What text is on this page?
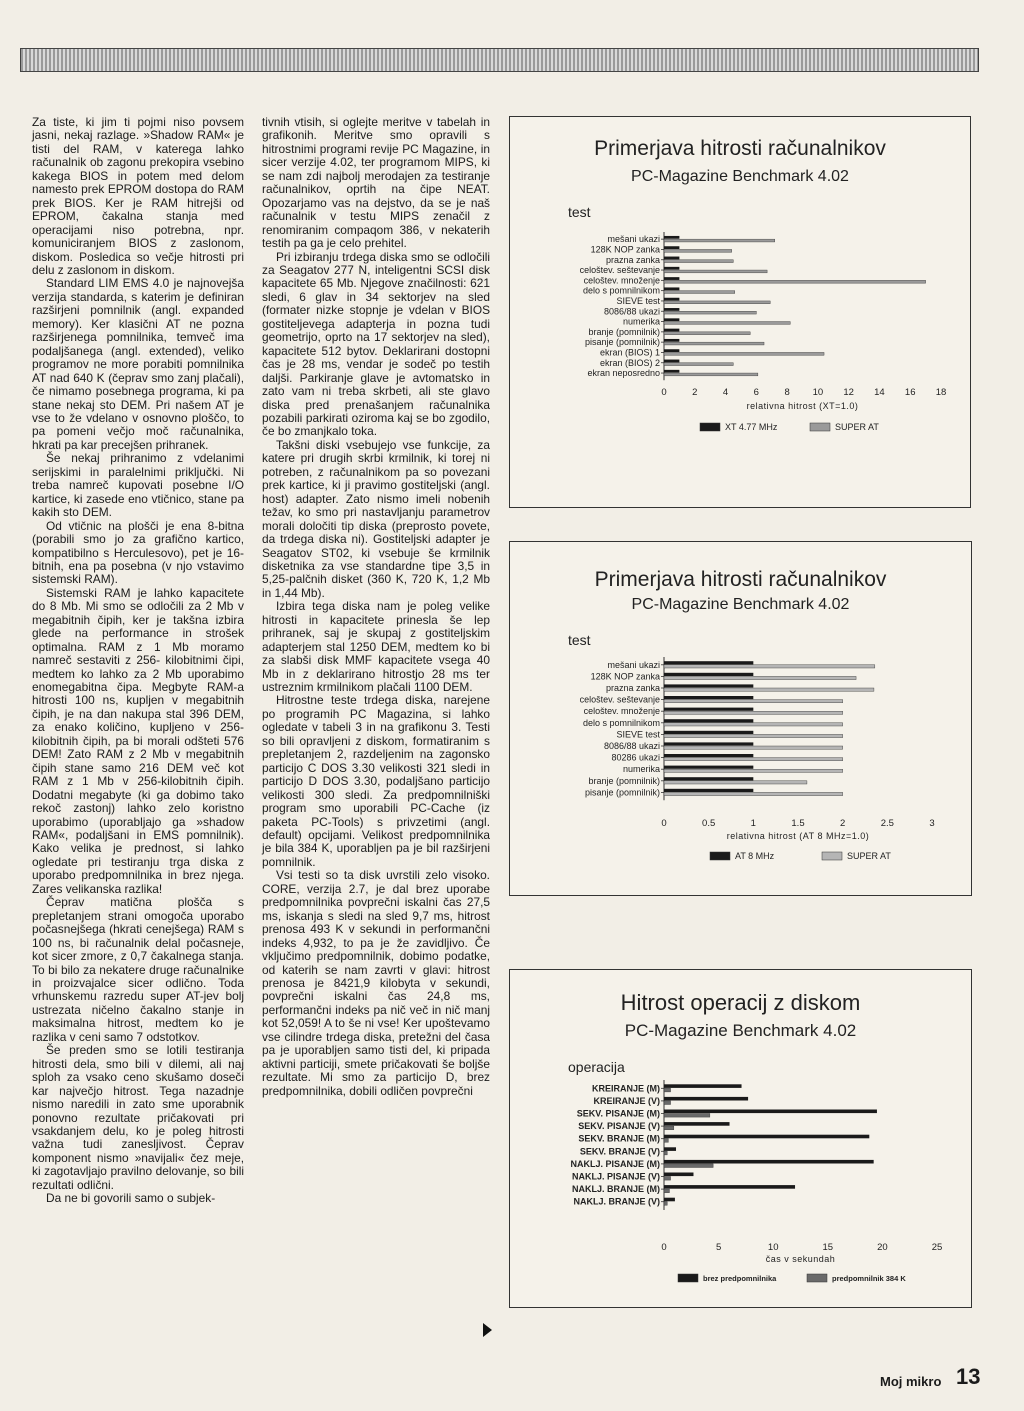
Za tiste, ki jim ti pojmi niso povsem jasni, nekaj razlage. »Shadow RAM« je tisti del RAM, v katerega lahko računalnik ob zagonu prekopira vsebino kakega BIOS in potem med delom namesto prek EPROM dostopa do RAM prek BIOS. Ker je RAM hitrejši od EPROM, čakalna stanja med operacijami niso potrebna, npr. komuniciranjem BIOS z zaslonom, diskom. Posledica so večje hitrosti pri delu z zaslonom in diskom.

Standard LIM EMS 4.0 je najnovejša verzija standarda, s katerim je definiran razširjeni pomnilnik (angl. expanded memory). Ker klasični AT ne pozna razširjenega pomnilnika, temveč ima podaljšanega (angl. extended), veliko programov ne more porabiti pomnilnika AT nad 640 K (čeprav smo zanj plačali), če nimamo posebnega programa, ki pa stane nekaj sto DEM. Pri našem AT je vse to že vdelano v osnovno ploščo, to pa pomeni večjo moč računalnika, hkrati pa kar precejšen prihranek.

Še nekaj prihranimo z vdelanimi serijskimi in paralelnimi priključki. Ni treba namreč kupovati posebne I/O kartice, ki zasede eno vtičnico, stane pa kakih sto DEM.

Od vtičnic na plošči je ena 8-bitna (porabili smo jo za grafično kartico, kompatibilno s Herculesovo), pet je 16-bitnih, ena pa posebna (v njo vstavimo sistemski RAM).

Sistemski RAM je lahko kapacitete do 8 Mb. Mi smo se odločili za 2 Mb v megabitnih čipih, ker je takšna izbira glede na performance in strošek optimalna. RAM z 1 Mb moramo namreč sestaviti z 256- kilobitnimi čipi, medtem ko lahko za 2 Mb uporabimo enomegabitna čipa. Megbyte RAM-a hitrosti 100 ns, kupljen v megabitnih čipih, je na dan nakupa stal 396 DEM, za enako količino, kupljeno v 256-kilobitnih čipih, pa bi morali odšteti 576 DEM! Zato RAM z 2 Mb v megabitnih čipih stane samo 216 DEM več kot RAM z 1 Mb v 256-kilobitnih čipih. Dodatni megabyte (ki ga dobimo tako rekoč zastonj) lahko zelo koristno uporabimo (uporabljajo ga »shadow RAM«, podaljšani in EMS pomnilnik). Kako velika je prednost, si lahko ogledate pri testiranju trga diska z uporabo predpomnilnika in brez njega. Zares velikanska razlika!

Čeprav matična plošča s prepletanjem strani omogoča uporabo počasnejšega (hkrati cenejšega) RAM s 100 ns, bi računalnik delal počasneje, kot sicer zmore, z 0,7 čakalnega stanja. To bi bilo za nekatere druge računalnike in proizvajalce sicer odlično. Toda vrhunskemu razredu super AT-jev bolj ustrezata ničelno čakalno stanje in maksimalna hitrost, medtem ko je razlika v ceni samo 7 odstotkov.

Še preden smo se lotili testiranja hitrosti dela, smo bili v dilemi, ali naj sploh za vsako ceno skušamo doseči kar največjo hitrost. Tega nazadnje nismo naredili in zato sme uporabnik ponovno rezultate pričakovati pri vsakdanjem delu, ko je poleg hitrosti važna tudi zanesljivost. Čeprav komponent nismo »navijali« čez meje, ki zagotavljajo pravilno delovanje, so bili rezultati odlični.

Da ne bi govorili samo o subjek-

tivnih vtisih, si oglejte meritve v tabelah in grafikonih. Meritve smo opravili s hitrostnimi programi revije PC Magazine, in sicer verzije 4.02, ter programom MIPS, ki se nam zdi najbolj merodajen za testiranje računalnikov, oprtih na čipe NEAT. Opozarjamo vas na dejstvo, da se je naš računalnik v testu MIPS zenačil z renomiranim compaqom 386, v nekaterih testih pa ga je celo prehitel.

Pri izbiranju trdega diska smo se odločili za Seagatov 277 N, inteligentni SCSI disk kapacitete 65 Mb. Njegove značilnosti: 621 sledi, 6 glav in 34 sektorjev na sled (formater nizke stopnje je vdelan v BIOS gostiteljevega adapterja in pozna tudi geometrijo, oprto na 17 sektorjev na sled), kapacitete 512 bytov. Deklarirani dostopni čas je 28 ms, vendar je sodeč po testih daljši. Parkiranje glave je avtomatsko in zato vam ni treba skrbeti, ali ste glavo diska pred prenašanjem računalnika pozabili parkirati oziroma kaj se bo zgodilo, če bo zmanjkalo toka.

Takšni diski vsebujejo vse funkcije, za katere pri drugih skrbi krmilnik, ki torej ni potreben, z računalnikom pa so povezani prek kartice, ki ji pravimo gostiteljski (angl. host) adapter. Zato nismo imeli nobenih težav, ko smo pri nastavljanju parametrov morali določiti tip diska (preprosto povete, da trdega diska ni). Gostiteljski adapter je Seagatov ST02, ki vsebuje še krmilnik disketnika za vse standardne tipe 3,5 in 5,25-palčnih disket (360 K, 720 K, 1,2 Mb in 1,44 Mb).

Izbira tega diska nam je poleg velike hitrosti in kapacitete prinesla še lep prihranek, saj je skupaj z gostiteljskim adapterjem stal 1250 DEM, medtem ko bi za slabši disk MMF kapacitete vsega 40 Mb in z deklarirano hitrostjo 28 ms ter ustreznim krmilnikom plačali 1100 DEM.

Hitrostne teste trdega diska, narejene po programih PC Magazina, si lahko ogledate v tabeli 3 in na grafikonu 3. Testi so bili opravljeni z diskom, formatiranim s prepletanjem 2, razdeljenim na zagonsko particijo C DOS 3.30 velikosti 321 sledi in particijo D DOS 3.30, podaljšano particijo velikosti 300 sledi. Za predpomnilniški program smo uporabili PC-Cache (iz paketa PC-Tools) s privzetimi (angl. default) opcijami. Velikost predpomnilnika je bila 384 K, uporabljen pa je bil razširjeni pomnilnik.

Vsi testi so ta disk uvrstili zelo visoko. CORE, verzija 2.7, je dal brez uporabe predpomnilnika povprečni iskalni čas 27,5 ms, iskanja s sledi na sled 9,7 ms, hitrost prenosa 493 K v sekundi in performančni indeks 4,932, to pa je že zavidljivo. Če vključimo predpomnilnik, dobimo podatke, od katerih se nam zavrti v glavi: hitrost prenosa je 8421,9 kilobyta v sekundi, povprečni iskalni čas 24,8 ms, performančni indeks pa nič več in nič manj kot 52,059! A to še ni vse! Ker upoštevamo vse cilindre trdega diska, pretežni del časa pa je uporabljen samo tisti del, ki pripada aktivni particiji, smete pričakovati še boljše rezultate. Mi smo za particijo D, brez predpomnilnika, dobili odličen povprečni

Primerjava hitrosti računalnikov
PC-Magazine Benchmark 4.02
test
mešani ukazi
128K NOP zanka
prazna zanka
celoštev. seštevanje
celoštev. množenje
delo s pomnilnikom
SIEVE test
8086/88 ukazi
numerika
branje (pomnilnik)
pisanje (pomnilnik)
ekran (BIOS) 1
ekran (BIOS) 2
ekran neposredno
0	2	4	6	8 10 12 14 16 18
relativna hitrost (XT=1.0)
XT 4.77 MHz	SUPER AT
Primerjava hitrosti računalnikov
PC-Magazine Benchmark 4.02
test
mešani ukazi
128K NOP zanka
prazna zanka
celoštev. seštevanje
celoštev. množenje
delo s pomnilnikom
SIEVE test
8086/88 ukazi
80286 ukazi
numerika
branje (pomnilnik)
pisanje (pomnilnik)
0	0.5	1	1.5	2	2.5	3
relativna hitrost (AT 8 MHz=1.0)
AT 8 MHz	SUPER AT
Hitrost operacij z diskom
PC-Magazine Benchmark 4.02
operacija
KREIRANJE (M)
KREIRANJE (V)
SEKV. PISANJE (M)
SEKV. PISANJE (V)
SEKV. BRANJE (M)
SEKV. BRANJE (V)
NAKLJ. PISANJE (M)
NAKLJ. PISANJE (V)
NAKLJ. BRANJE (M)
NAKLJ. BRANJE (V)
0	5	10	15	20	25
čas v sekundah
brez predpomnilnika	predpomnilnik 384 K
Moj mikro 13
